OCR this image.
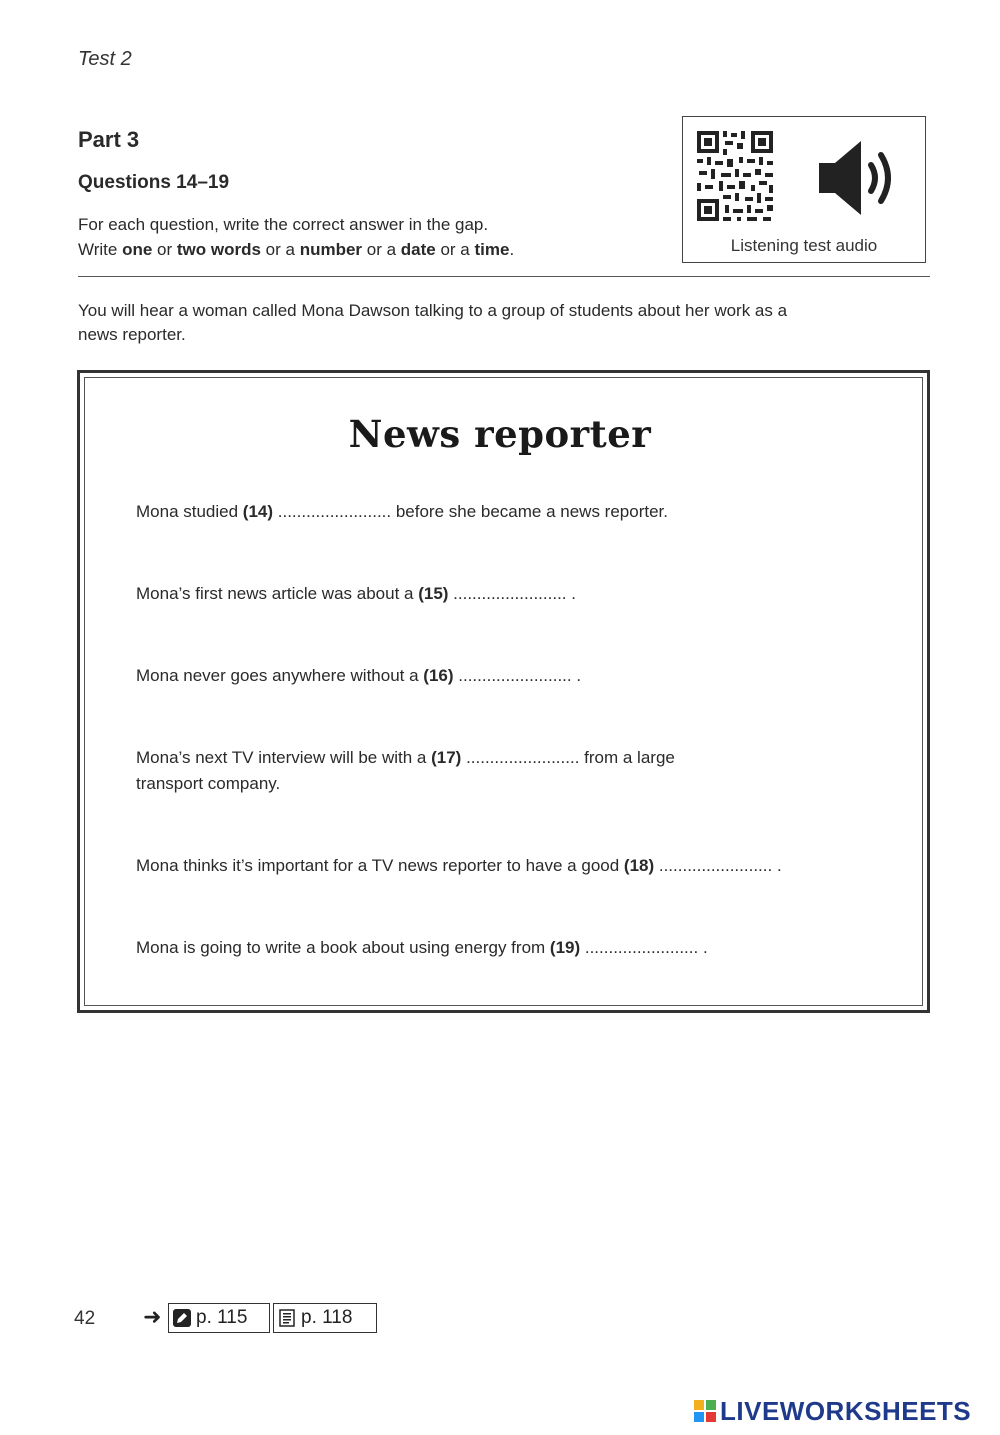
Test 2
Part 3
Questions 14–19
For each question, write the correct answer in the gap.
Write one or two words or a number or a date or a time.	Listening test audio
You will hear a woman called Mona Dawson talking to a group of students about her work as a
news reporter.
News reporter
Mona studied (14) ........................ before she became a news reporter.
Mona’s first news article was about a (15) ........................ .
Mona never goes anywhere without a (16) ........................ .
Mona’s next TV interview will be with a (17) ........................ from a large
transport company.
Mona thinks it’s important for a TV news reporter to have a good (18) ........................ .
Mona is going to write a book about using energy from (19) ........................ .
42 ➜ p. 115	p. 118
LIVEWORKSHEETS
